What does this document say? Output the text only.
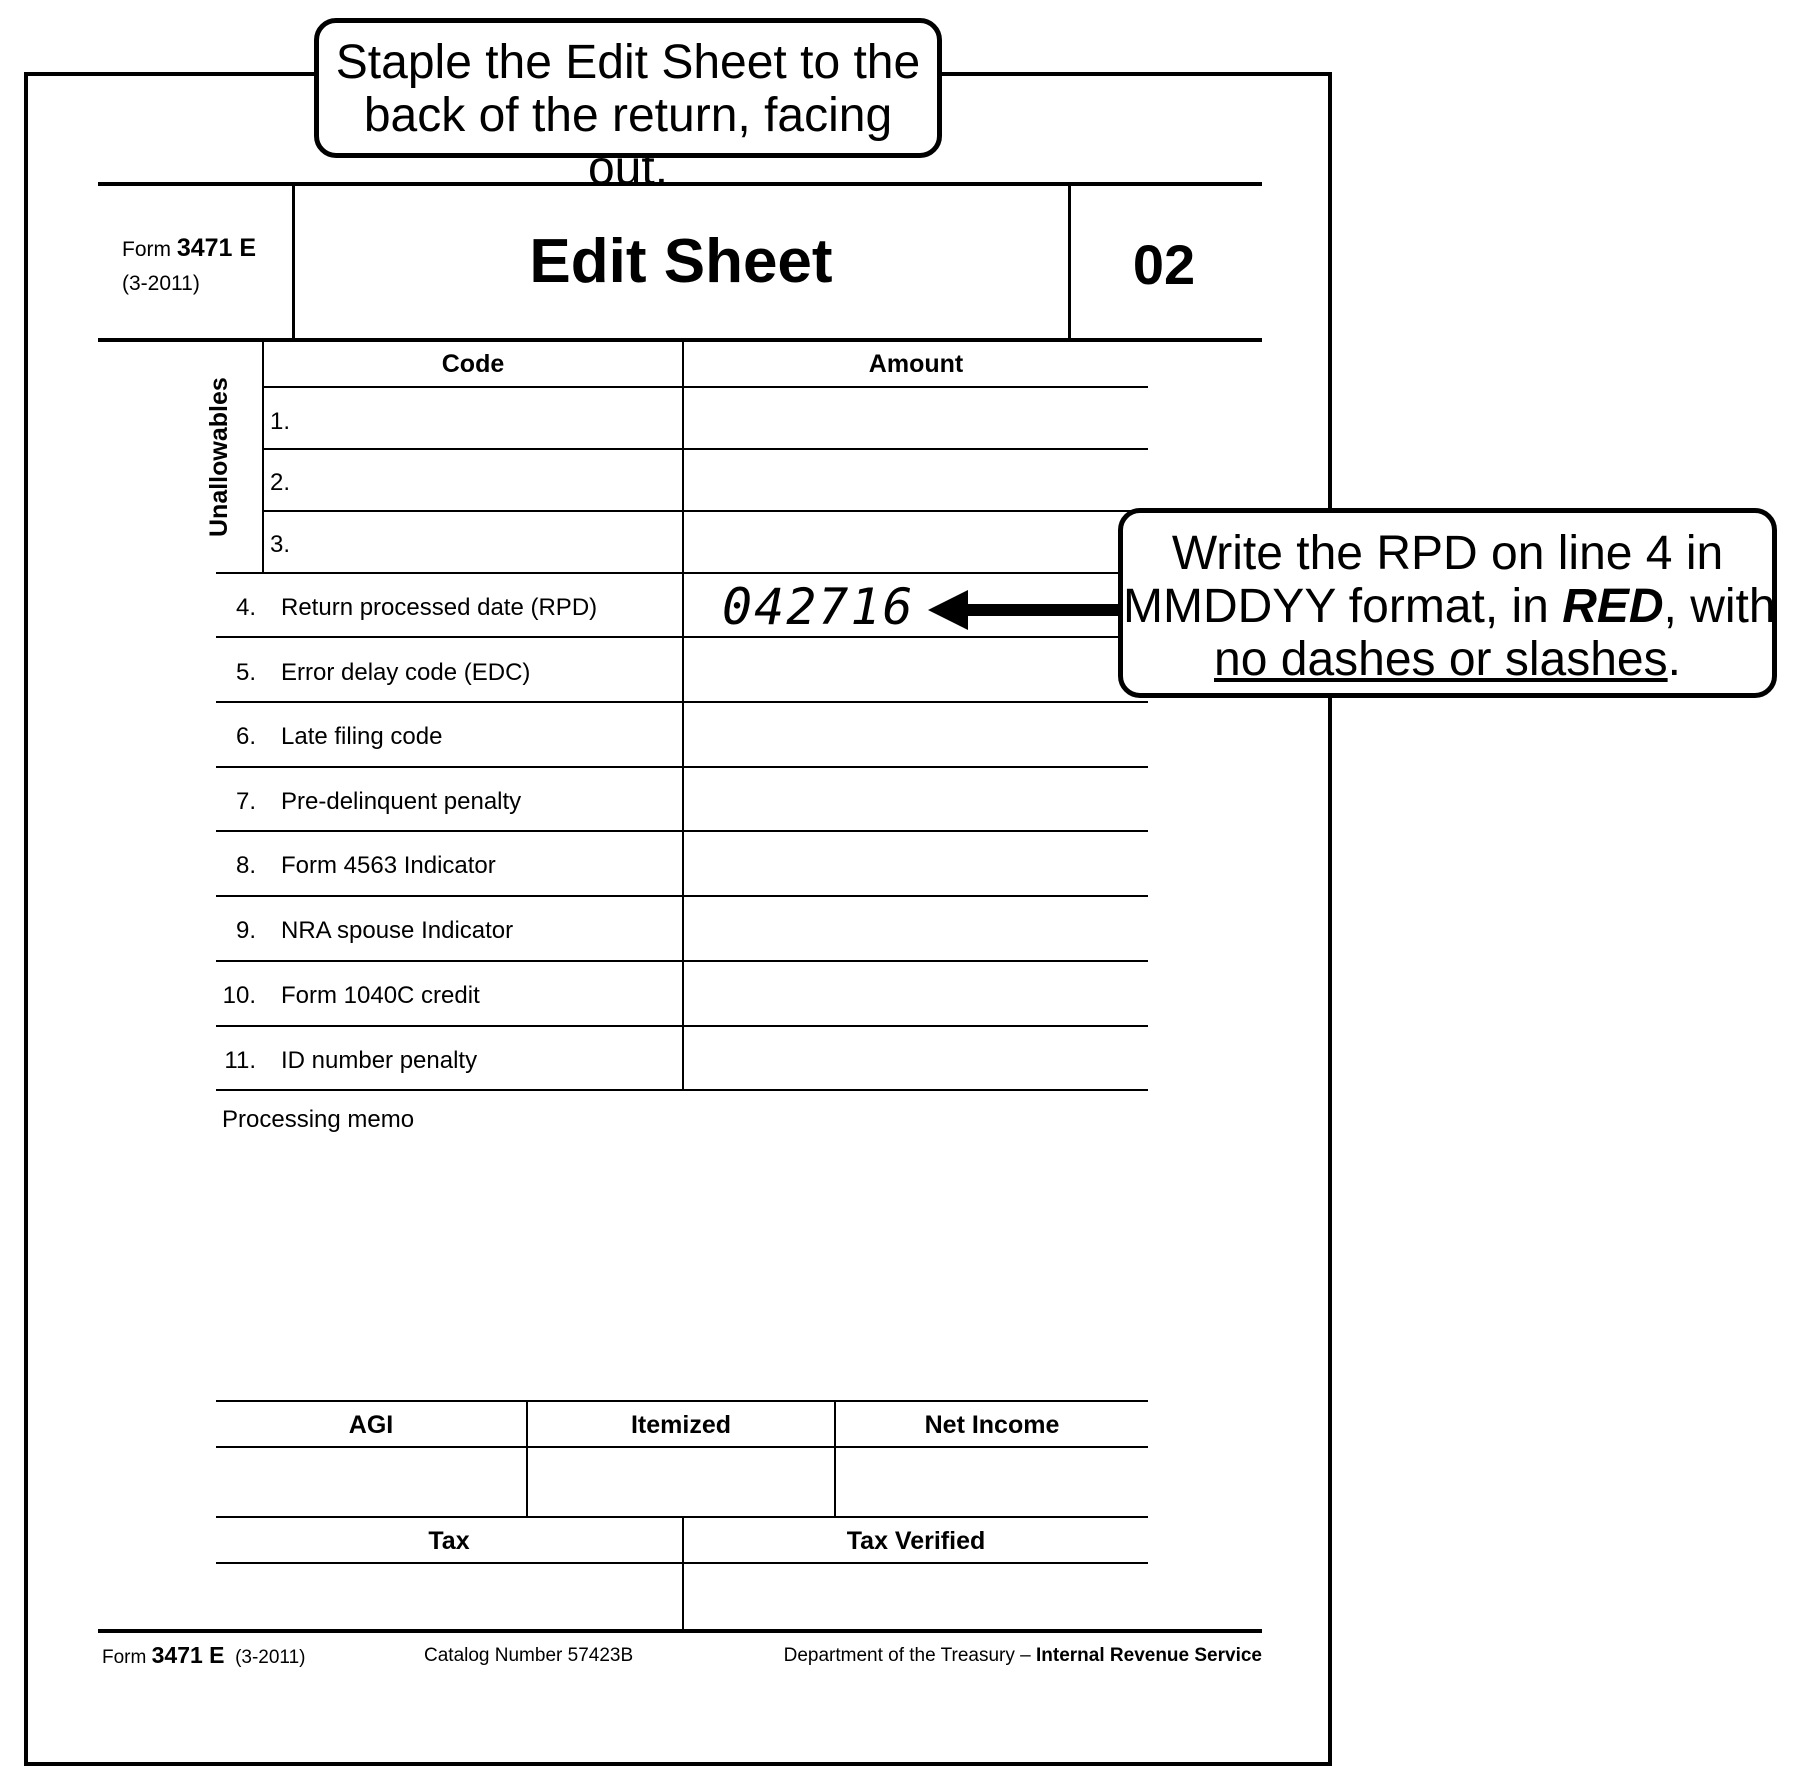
Staple the Edit Sheet to the
back of the return, facing out.
Form 3471 E
(3-2011)	Edit Sheet	02
Code	Amount
Unallowables 1.
2.
3.
4. Return processed date (RPD) 042716
5. Error delay code (EDC)
6. Late filing code
7. Pre-delinquent penalty
8. Form 4563 Indicator
9. NRA spouse Indicator
10. Form 1040C credit
11. ID number penalty
Write the RPD on line 4 in
MMDDYY format, in RED, with
no dashes or slashes.
Processing memo
AGI	Itemized	Net Income
Tax	Tax Verified
Form 3471 E (3-2011)	Catalog Number 57423B	Department of the Treasury – Internal Revenue Service
